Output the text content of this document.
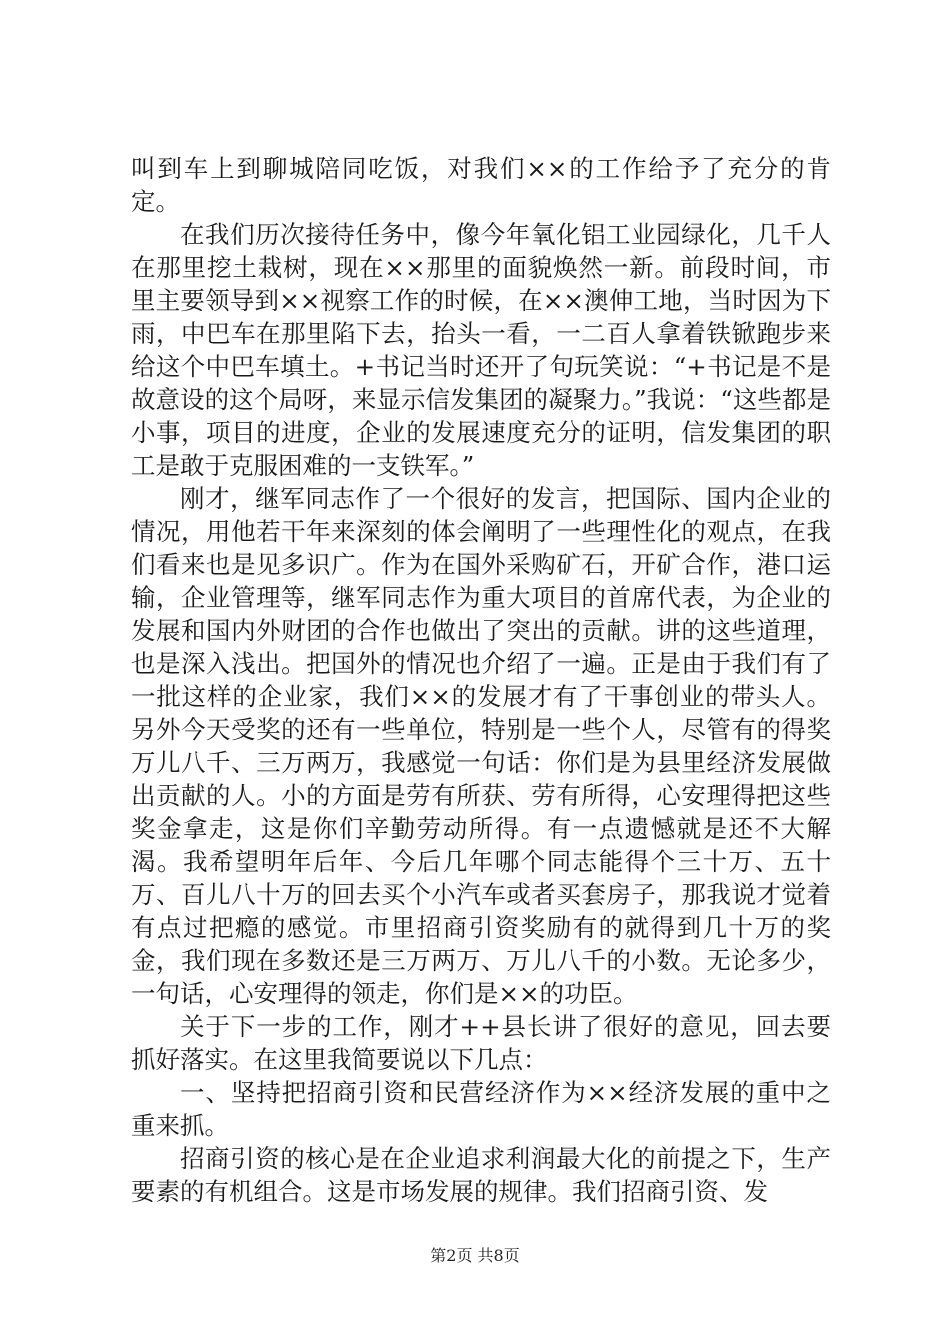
叫到车上到聊城陪同吃饭，对我们××的工作给予了充分的肯定。

在我们历次接待任务中，像今年氧化铝工业园绿化，几千人在那里挖土栽树，现在××那里的面貌焕然一新。前段时间，市里主要领导到××视察工作的时候，在××澳伸工地，当时因为下雨，中巴车在那里陷下去，抬头一看，一二百人拿着铁锨跑步来给这个中巴车填土。+书记当时还开了句玩笑说：“+书记是不是故意设的这个局呀，来显示信发集团的凝聚力。”我说：“这些都是小事，项目的进度，企业的发展速度充分的证明，信发集团的职工是敢于克服困难的一支铁军。”

刚才，继军同志作了一个很好的发言，把国际、国内企业的情况，用他若干年来深刻的体会阐明了一些理性化的观点，在我们看来也是见多识广。作为在国外采购矿石，开矿合作，港口运输，企业管理等，继军同志作为重大项目的首席代表，为企业的发展和国内外财团的合作也做出了突出的贡献。讲的这些道理，也是深入浅出。把国外的情况也介绍了一遍。正是由于我们有了一批这样的企业家，我们××的发展才有了干事创业的带头人。另外今天受奖的还有一些单位，特别是一些个人，尽管有的得奖万儿八千、三万两万，我感觉一句话：你们是为县里经济发展做出贡献的人。小的方面是劳有所获、劳有所得，心安理得把这些奖金拿走，这是你们辛勤劳动所得。有一点遗憾就是还不大解渴。我希望明年后年、今后几年哪个同志能得个三十万、五十万、百儿八十万的回去买个小汽车或者买套房子，那我说才觉着有点过把瘾的感觉。市里招商引资奖励有的就得到几十万的奖金，我们现在多数还是三万两万、万儿八千的小数。无论多少，一句话，心安理得的领走，你们是××的功臣。

关于下一步的工作，刚才++县长讲了很好的意见，回去要抓好落实。在这里我简要说以下几点：

一、坚持把招商引资和民营经济作为××经济发展的重中之重来抓。

招商引资的核心是在企业追求利润最大化的前提之下，生产要素的有机组合。这是市场发展的规律。我们招商引资、发

第2页 共8页
